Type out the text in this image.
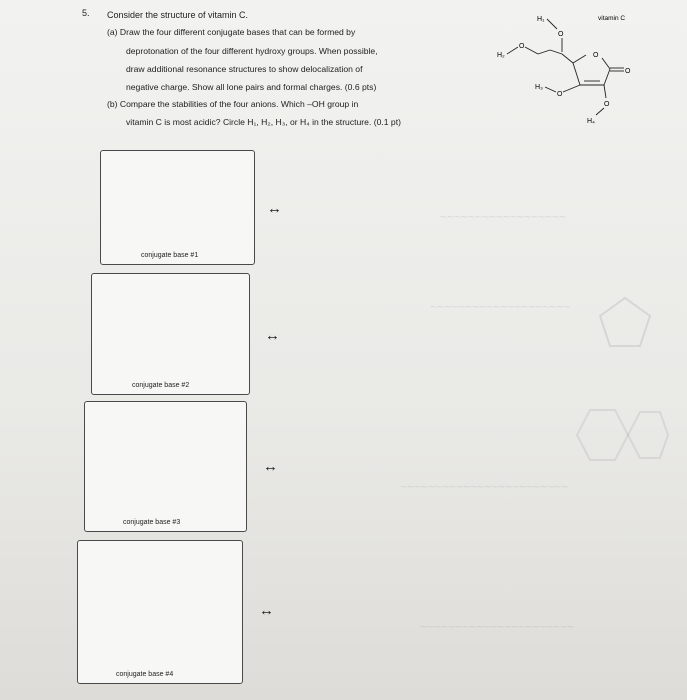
5. Consider the structure of vitamin C.
(a) Draw the four different conjugate bases that can be formed by
deprotonation of the four different hydroxy groups. When possible,
draw additional resonance structures to show delocalization of
negative charge. Show all lone pairs and formal charges. (0.6 pts)
(b) Compare the stabilities of the four anions. Which –OH group in
vitamin C is most acidic? Circle H₁, H₂, H₃, or H₄ in the structure. (0.1 pt)
vitamin C
H₁
O
H₂
O
O
O
H₃
O
O
H₄
~~~~~~~~~~~~~~~~~~
~~~~~~~~~~~~~~~~~~~~
~~~~~~~~~~~~~~~~~~~~~~~~
~~~~~~~~~~~~~~~~~~~~~~
conjugate base #1
↔
conjugate base #2
↔
conjugate base #3
↔
conjugate base #4
↔
